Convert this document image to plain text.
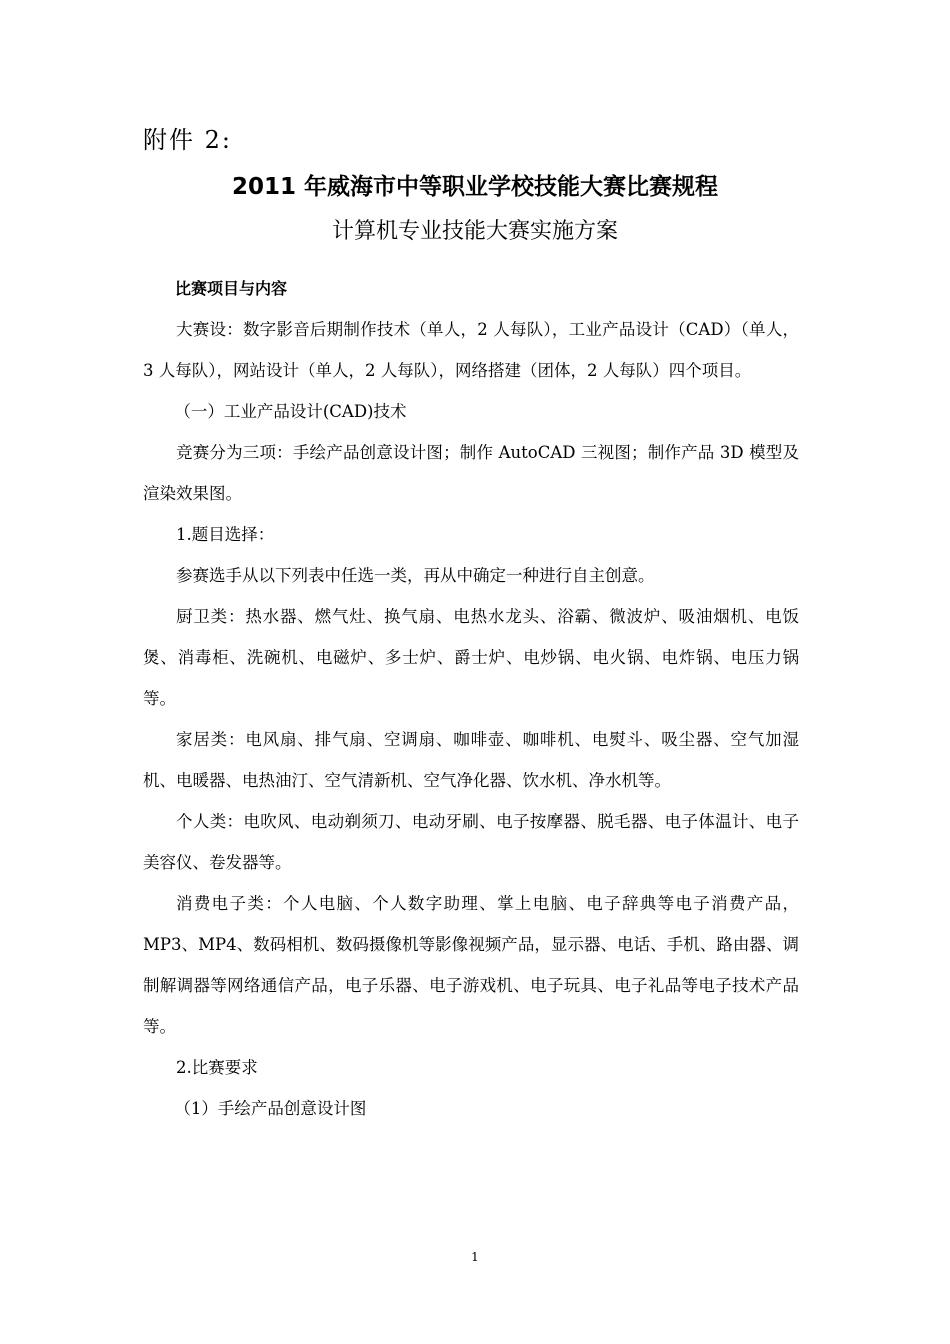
附件 2:
2011 年威海市中等职业学校技能大赛比赛规程
计算机专业技能大赛实施方案

比赛项目与内容

大赛设：数字影音后期制作技术（单人，2 人每队），工业产品设计（CAD）（单人，3 人每队），网站设计（单人，2 人每队），网络搭建（团体，2 人每队）四个项目。

（一）工业产品设计(CAD)技术

竞赛分为三项：手绘产品创意设计图；制作 AutoCAD 三视图；制作产品 3D 模型及渲染效果图。

1.题目选择：

参赛选手从以下列表中任选一类，再从中确定一种进行自主创意。

厨卫类：热水器、燃气灶、换气扇、电热水龙头、浴霸、微波炉、吸油烟机、电饭煲、消毒柜、洗碗机、电磁炉、多士炉、爵士炉、电炒锅、电火锅、电炸锅、电压力锅等。

家居类：电风扇、排气扇、空调扇、咖啡壶、咖啡机、电熨斗、吸尘器、空气加湿机、电暖器、电热油汀、空气清新机、空气净化器、饮水机、净水机等。

个人类：电吹风、电动剃须刀、电动牙刷、电子按摩器、脱毛器、电子体温计、电子美容仪、卷发器等。

消费电子类：个人电脑、个人数字助理、掌上电脑、电子辞典等电子消费产品，MP3、MP4、数码相机、数码摄像机等影像视频产品，显示器、电话、手机、路由器、调制解调器等网络通信产品，电子乐器、电子游戏机、电子玩具、电子礼品等电子技术产品等。

2.比赛要求

（1）手绘产品创意设计图

1
